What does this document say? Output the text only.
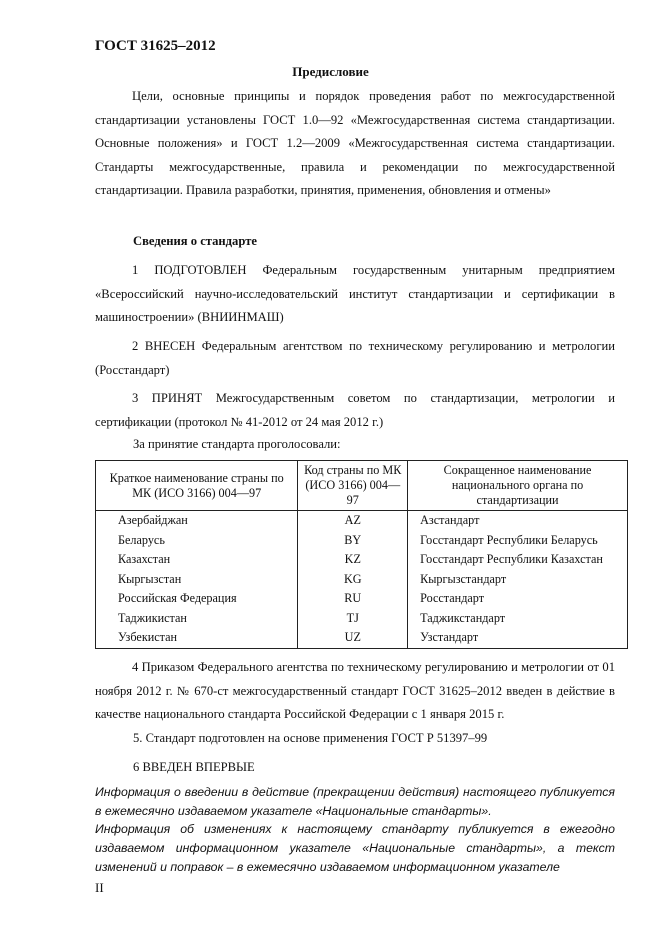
ГОСТ 31625–2012
Предисловие
Цели, основные принципы и порядок проведения работ по межгосударственной стандартизации установлены ГОСТ 1.0—92 «Межгосударственная система стандартизации. Основные положения» и ГОСТ 1.2—2009 «Межгосударственная система стандартизации. Стандарты межгосударственные, правила и рекомендации по межгосударственной стандартизации. Правила разработки, принятия, применения, обновления и отмены»
Сведения о стандарте
1 ПОДГОТОВЛЕН Федеральным государственным унитарным предприятием «Всероссийский научно-исследовательский институт стандартизации и сертификации в машиностроении» (ВНИИНМАШ)
2 ВНЕСЕН Федеральным агентством по техническому регулированию и метрологии (Росстандарт)
3 ПРИНЯТ Межгосударственным советом по стандартизации, метрологии и сертификации (протокол № 41-2012 от 24 мая 2012 г.)
За принятие стандарта проголосовали:
Краткое наименование страны по МК (ИСО 3166) 004—97	Код страны по МК (ИСО 3166) 004—97	Сокращенное наименование национального органа по стандартизации
Азербайджан	AZ	Азстандарт
Беларусь	BY	Госстандарт Республики Беларусь
Казахстан	KZ	Госстандарт Республики Казахстан
Кыргызстан	KG	Кыргызстандарт
Российская Федерация	RU	Росстандарт
Таджикистан	TJ	Таджикстандарт
Узбекистан	UZ	Узстандарт
4 Приказом Федерального агентства по техническому регулированию и метрологии от 01 ноября 2012 г. № 670-ст межгосударственный стандарт ГОСТ 31625–2012 введен в действие в качестве национального стандарта Российской Федерации с 1 января 2015 г.
5. Стандарт подготовлен на основе применения ГОСТ Р 51397–99
6 ВВЕДЕН ВПЕРВЫЕ
Информация о введении в действие (прекращении действия) настоящего публикуется в ежемесячно издаваемом указателе «Национальные стандарты».
Информация об изменениях к настоящему стандарту публикуется в ежегодно издаваемом информационном указателе «Национальные стандарты», а текст изменений и поправок – в ежемесячно издаваемом информационном указателе
II
